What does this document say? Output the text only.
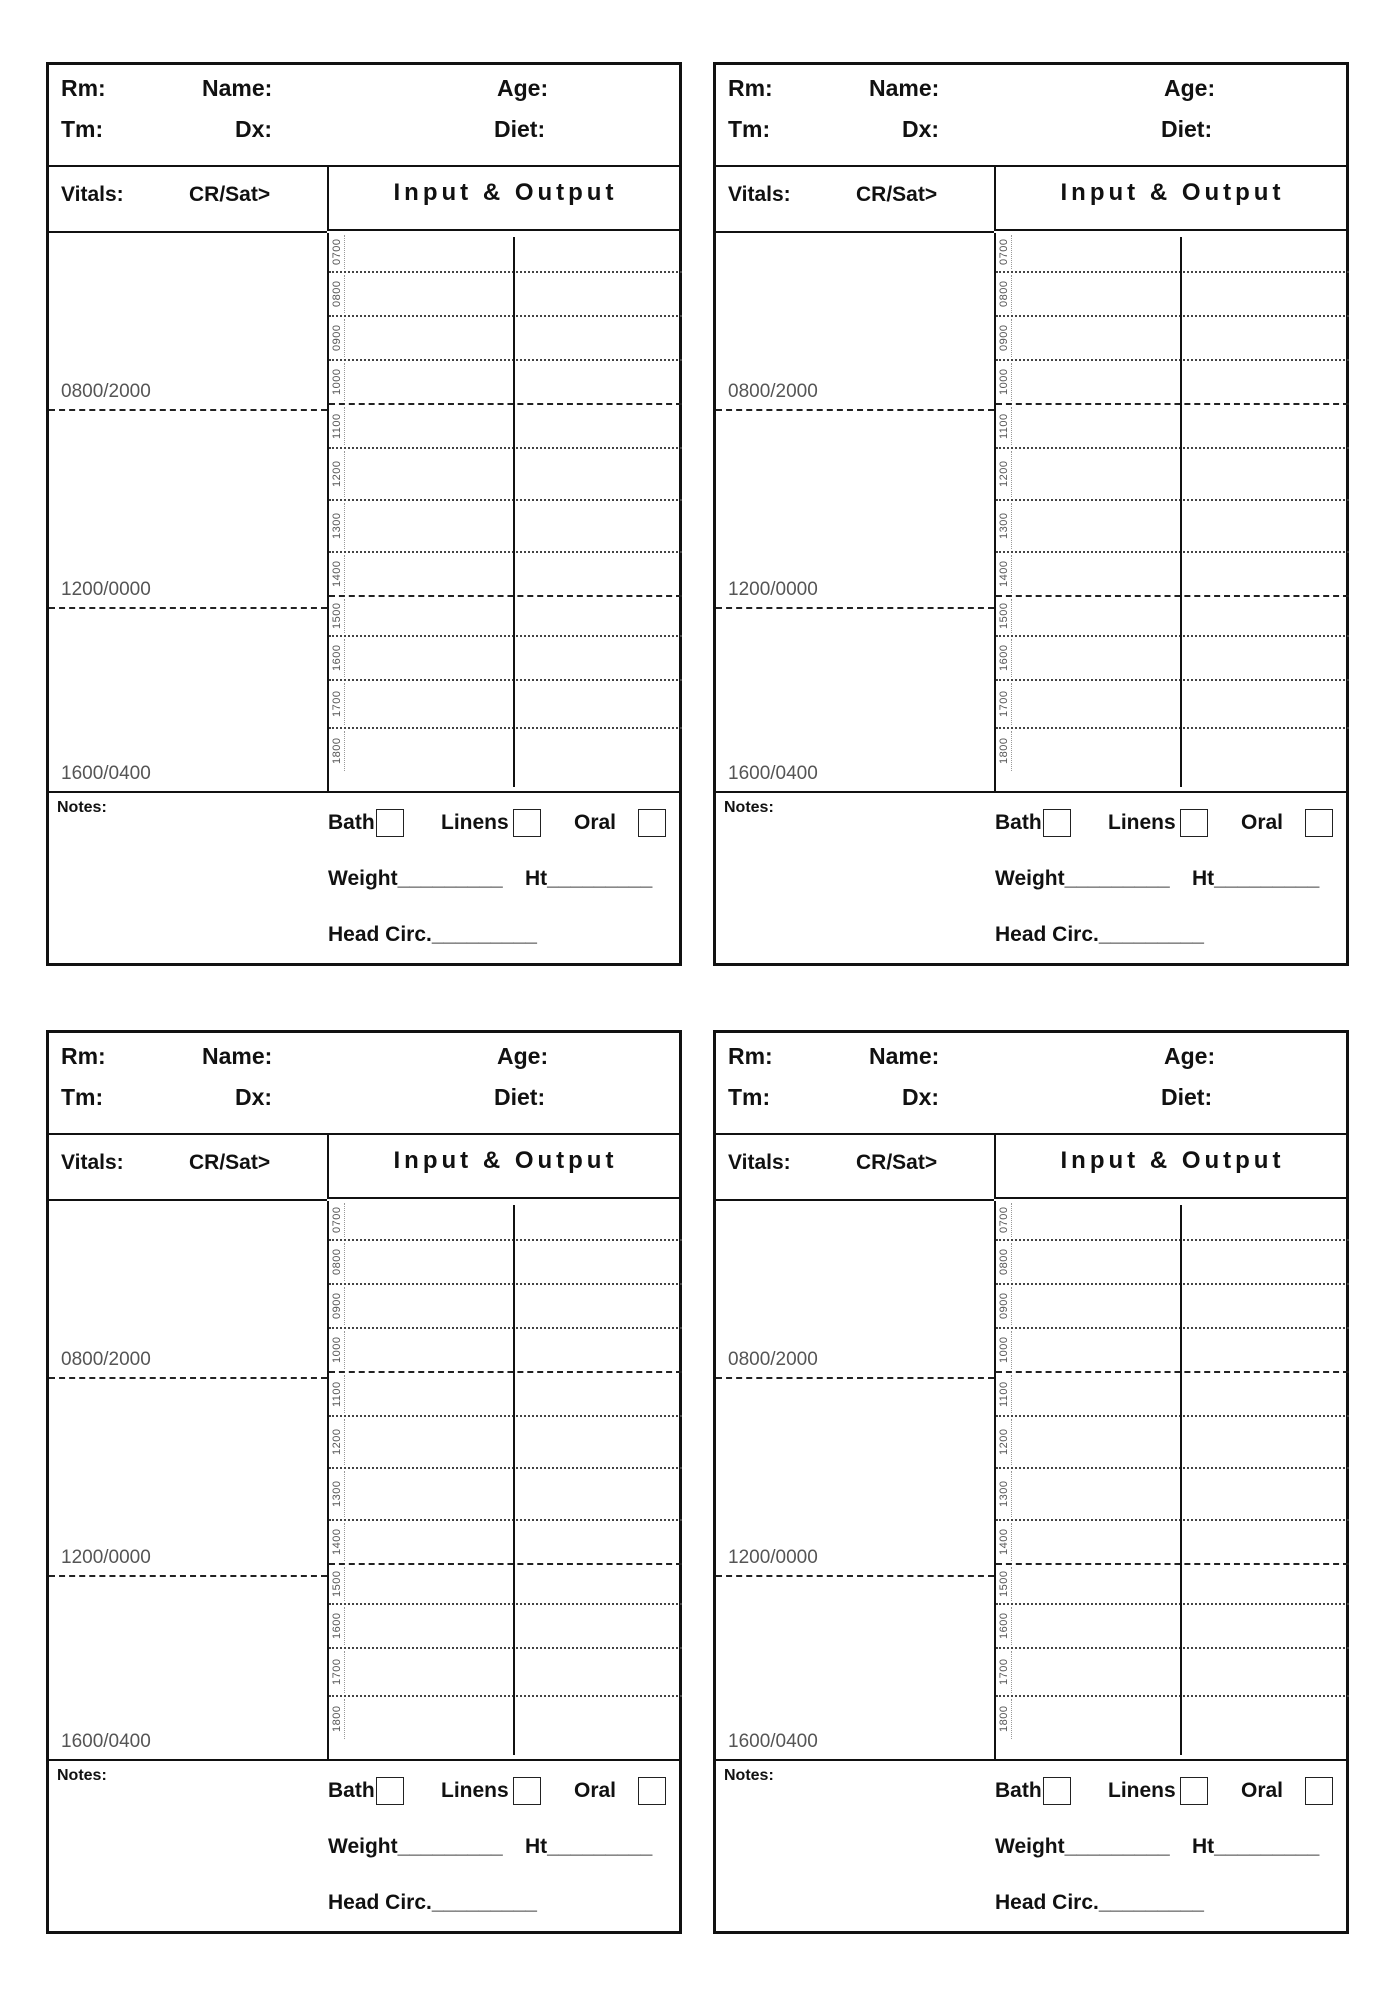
Rm:	Name:	Age:
Tm:	Dx:	Diet:
Vitals:	CR/Sat>	Input & Output
0800/2000
1200/0000
1600/0400
0700
0800
0900
1000
1100
1200
1300
1400
1500
1600
1700
1800
Notes:
Bath	Linens	Oral
Weight_________ Ht_________
Head Circ._________
Rm:	Name:	Age:
Tm:	Dx:	Diet:
Vitals:	CR/Sat>	Input & Output
0800/2000
1200/0000
1600/0400
0700
0800
0900
1000
1100
1200
1300
1400
1500
1600
1700
1800
Notes:
Bath	Linens	Oral
Weight_________ Ht_________
Head Circ._________
Rm:	Name:	Age:
Tm:	Dx:	Diet:
Vitals:	CR/Sat>	Input & Output
0800/2000
1200/0000
1600/0400
0700
0800
0900
1000
1100
1200
1300
1400
1500
1600
1700
1800
Notes:
Bath	Linens	Oral
Weight_________ Ht_________
Head Circ._________
Rm:	Name:	Age:
Tm:	Dx:	Diet:
Vitals:	CR/Sat>	Input & Output
0800/2000
1200/0000
1600/0400
0700
0800
0900
1000
1100
1200
1300
1400
1500
1600
1700
1800
Notes:
Bath	Linens	Oral
Weight_________ Ht_________
Head Circ._________
